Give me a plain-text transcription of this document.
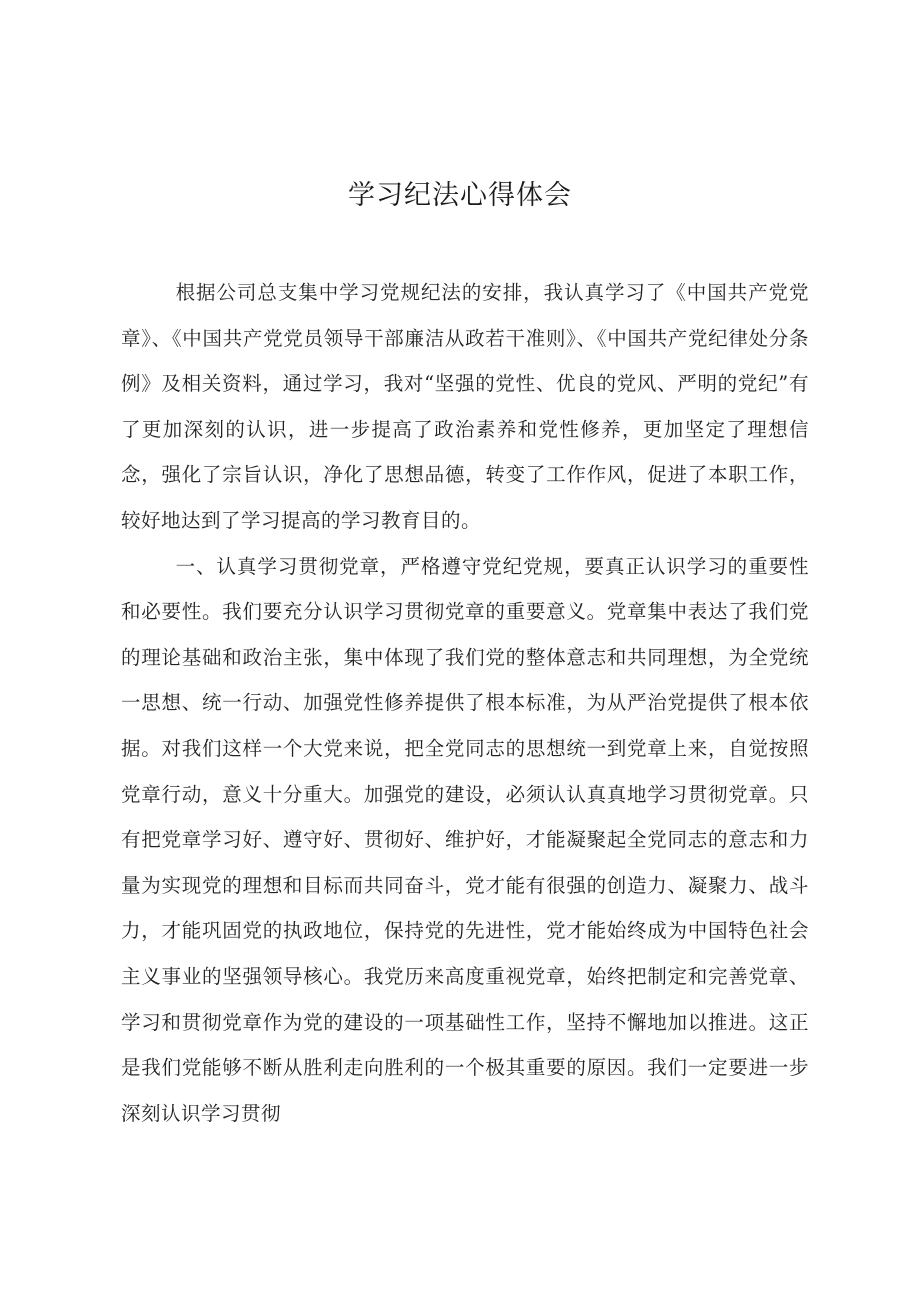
学习纪法心得体会

根据公司总支集中学习党规纪法的安排，我认真学习了《中国共产党党章》、《中国共产党党员领导干部廉洁从政若干准则》、《中国共产党纪律处分条例》及相关资料，通过学习，我对“坚强的党性、优良的党风、严明的党纪”有了更加深刻的认识，进一步提高了政治素养和党性修养，更加坚定了理想信念，强化了宗旨认识，净化了思想品德，转变了工作作风，促进了本职工作，较好地达到了学习提高的学习教育目的。

一、认真学习贯彻党章，严格遵守党纪党规，要真正认识学习的重要性和必要性。我们要充分认识学习贯彻党章的重要意义。党章集中表达了我们党的理论基础和政治主张，集中体现了我们党的整体意志和共同理想，为全党统一思想、统一行动、加强党性修养提供了根本标准，为从严治党提供了根本依据。对我们这样一个大党来说，把全党同志的思想统一到党章上来，自觉按照党章行动，意义十分重大。加强党的建设，必须认认真真地学习贯彻党章。只有把党章学习好、遵守好、贯彻好、维护好，才能凝聚起全党同志的意志和力量为实现党的理想和目标而共同奋斗，党才能有很强的创造力、凝聚力、战斗力，才能巩固党的执政地位，保持党的先进性，党才能始终成为中国特色社会主义事业的坚强领导核心。我党历来高度重视党章，始终把制定和完善党章、学习和贯彻党章作为党的建设的一项基础性工作，坚持不懈地加以推进。这正是我们党能够不断从胜利走向胜利的一个极其重要的原因。我们一定要进一步深刻认识学习贯彻
